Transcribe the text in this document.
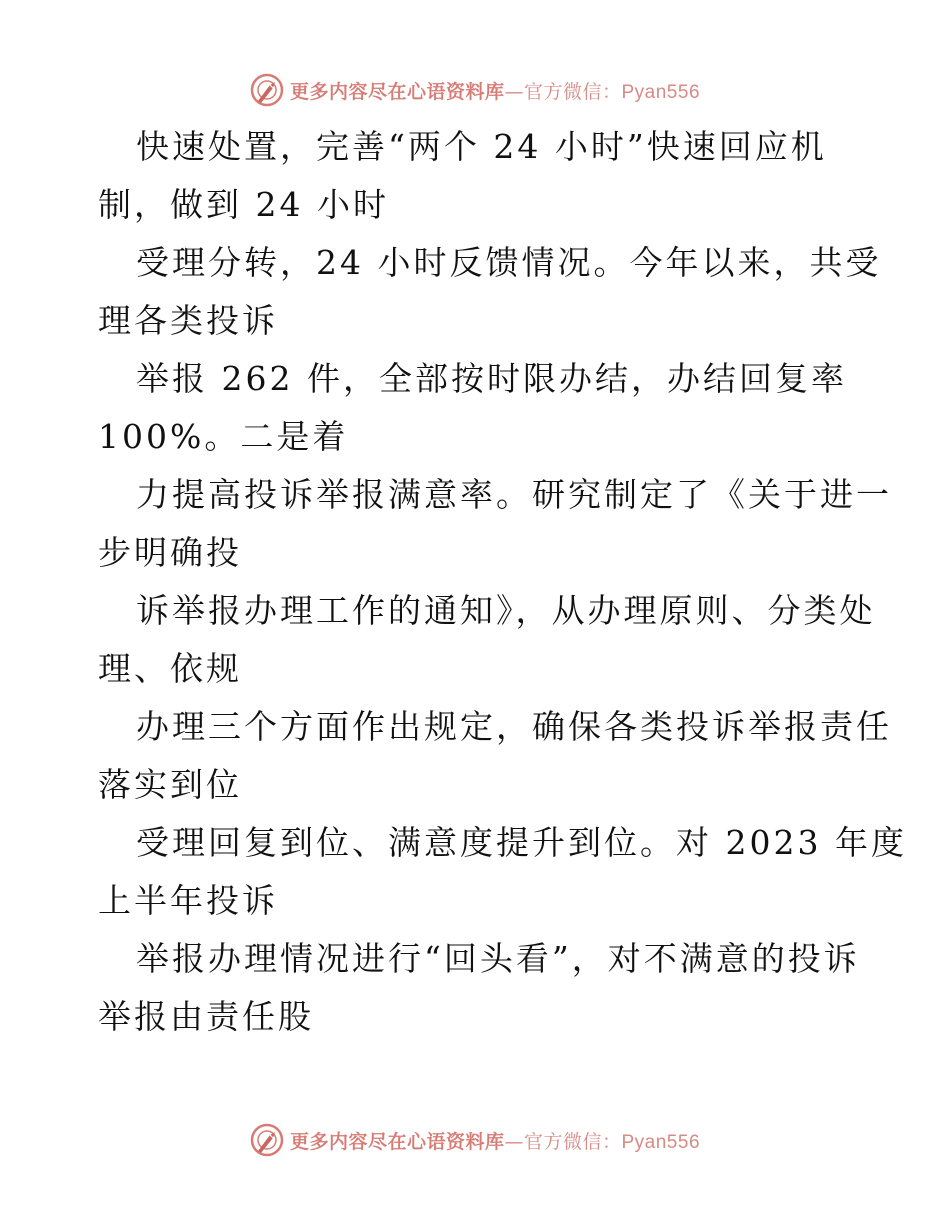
更多内容尽在心语资料库—官方微信：Pyan556
快速处置，完善“两个 24 小时”快速回应机
制，做到 24 小时
受理分转，24 小时反馈情况。今年以来，共受
理各类投诉
举报 262 件，全部按时限办结，办结回复率
100%。二是着
力提高投诉举报满意率。研究制定了《关于进一
步明确投
诉举报办理工作的通知》，从办理原则、分类处
理、依规
办理三个方面作出规定，确保各类投诉举报责任
落实到位
受理回复到位、满意度提升到位。对 2023 年度
上半年投诉
举报办理情况进行“回头看”，对不满意的投诉
举报由责任股
更多内容尽在心语资料库—官方微信：Pyan556
